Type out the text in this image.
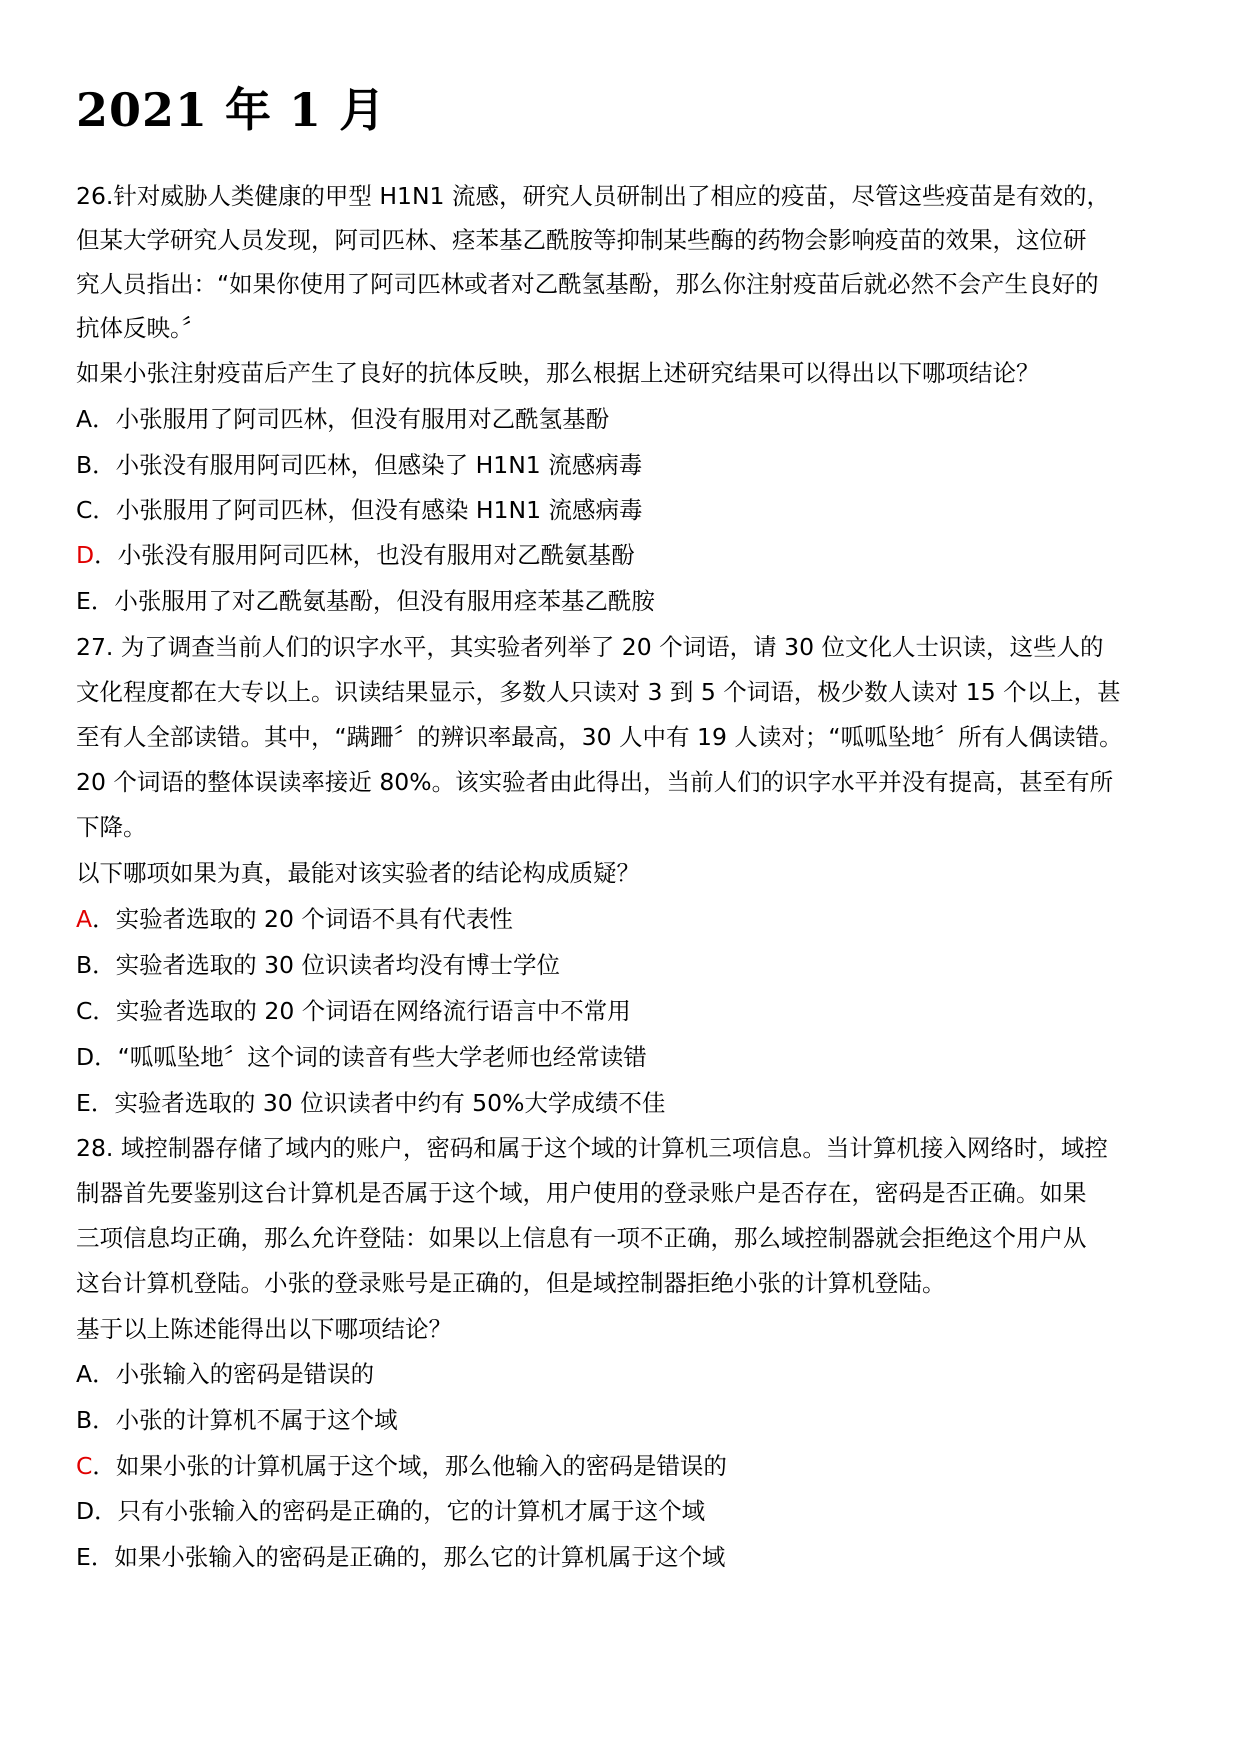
2021 年 1 月
26.针对威胁人类健康的甲型 H1N1 流感，研究人员研制出了相应的疫苗，尽管这些疫苗是有效的，
但某大学研究人员发现，阿司匹林、痉苯基乙酰胺等抑制某些酶的药物会影响疫苗的效果，这位研
究人员指出：“如果你使用了阿司匹林或者对乙酰氢基酚，那么你注射疫苗后就必然不会产生良好的
抗体反映。〞
如果小张注射疫苗后产生了良好的抗体反映，那么根据上述研究结果可以得出以下哪项结论？
A．小张服用了阿司匹林，但没有服用对乙酰氢基酚
B．小张没有服用阿司匹林，但感染了 H1N1 流感病毒
C．小张服用了阿司匹林，但没有感染 H1N1 流感病毒
D．小张没有服用阿司匹林，也没有服用对乙酰氨基酚
E．小张服用了对乙酰氨基酚，但没有服用痉苯基乙酰胺
27. 为了调查当前人们的识字水平，其实验者列举了 20 个词语，请 30 位文化人士识读，这些人的
文化程度都在大专以上。识读结果显示，多数人只读对 3 到 5 个词语，极少数人读对 15 个以上，甚
至有人全部读错。其中，“蹒跚〞的辨识率最高，30 人中有 19 人读对；“呱呱坠地〞所有人偶读错。
20 个词语的整体误读率接近 80%。该实验者由此得出，当前人们的识字水平并没有提高，甚至有所
下降。
以下哪项如果为真，最能对该实验者的结论构成质疑？
A．实验者选取的 20 个词语不具有代表性
B．实验者选取的 30 位识读者均没有博士学位
C．实验者选取的 20 个词语在网络流行语言中不常用
D．“呱呱坠地〞这个词的读音有些大学老师也经常读错
E．实验者选取的 30 位识读者中约有 50%大学成绩不佳
28. 域控制器存储了域内的账户，密码和属于这个域的计算机三项信息。当计算机接入网络时，域控
制器首先要鉴别这台计算机是否属于这个域，用户使用的登录账户是否存在，密码是否正确。如果
三项信息均正确，那么允许登陆：如果以上信息有一项不正确，那么域控制器就会拒绝这个用户从
这台计算机登陆。小张的登录账号是正确的，但是域控制器拒绝小张的计算机登陆。
基于以上陈述能得出以下哪项结论？
A．小张输入的密码是错误的
B．小张的计算机不属于这个域
C．如果小张的计算机属于这个域，那么他输入的密码是错误的
D．只有小张输入的密码是正确的，它的计算机才属于这个域
E．如果小张输入的密码是正确的，那么它的计算机属于这个域
